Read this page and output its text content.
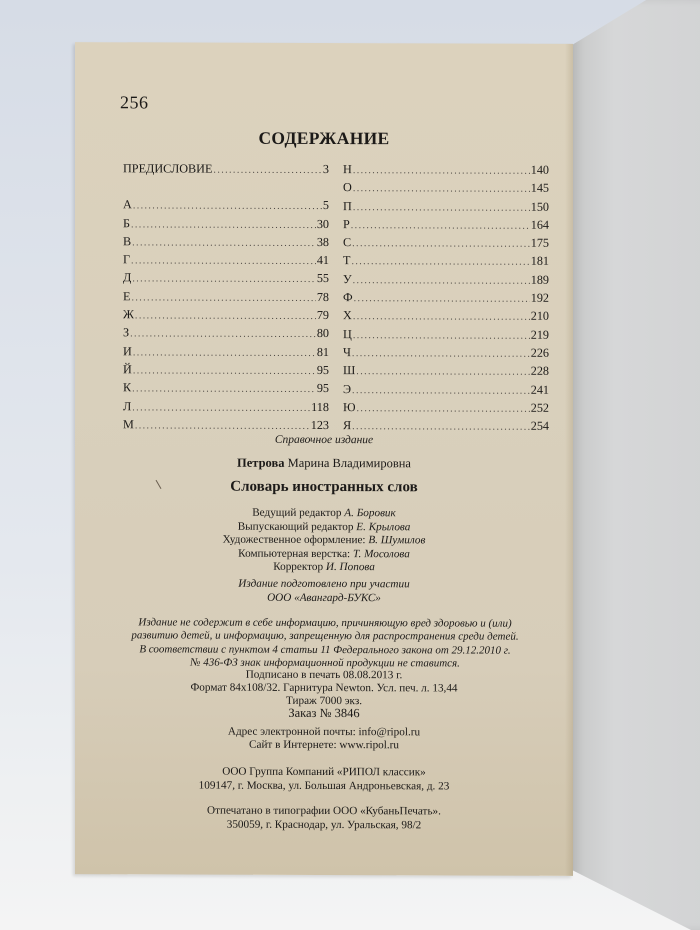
256
СОДЕРЖАНИЕ
ПРЕДИСЛОВИЕ .....	3
А .....	5
Б .....	30
В .....	38
Г .....	41
Д .....	55
Е .....	78
Ж .....	79
З .....	80
И .....	81
Й .....	95
К .....	95
Л .....	118
М .....	123
Н .....	140
О .....	145
П .....	150
Р .....	164
С .....	175
Т .....	181
У .....	189
Ф .....	192
Х .....	210
Ц .....	219
Ч .....	226
Ш .....	228
Э .....	241
Ю .....	252
Я .....	254
Справочное издание
Петрова Марина Владимировна
Словарь иностранных слов
Ведущий редактор А. Боровик
Выпускающий редактор Е. Крылова
Художественное оформление: В. Шумилов
Компьютерная верстка: Т. Мосолова
Корректор И. Попова
Издание подготовлено при участии
ООО «Авангард-БУКС»
Издание не содержит в себе информацию, причиняющую вред здоровью и (или)
развитию детей, и информацию, запрещенную для распространения среди детей.
В соответствии с пунктом 4 статьи 11 Федерального закона от 29.12.2010 г.
№ 436-ФЗ знак информационной продукции не ставится.
Подписано в печать 08.08.2013 г.
Формат 84х108/32. Гарнитура Newton. Усл. печ. л. 13,44
Тираж 7000 экз.
Заказ № 3846
Адрес электронной почты: info@ripol.ru
Сайт в Интернете: www.ripol.ru
ООО Группа Компаний «РИПОЛ классик»
109147, г. Москва, ул. Большая Андроньевская, д. 23
Отпечатано в типографии ООО «КубаньПечать».
350059, г. Краснодар, ул. Уральская, 98/2
